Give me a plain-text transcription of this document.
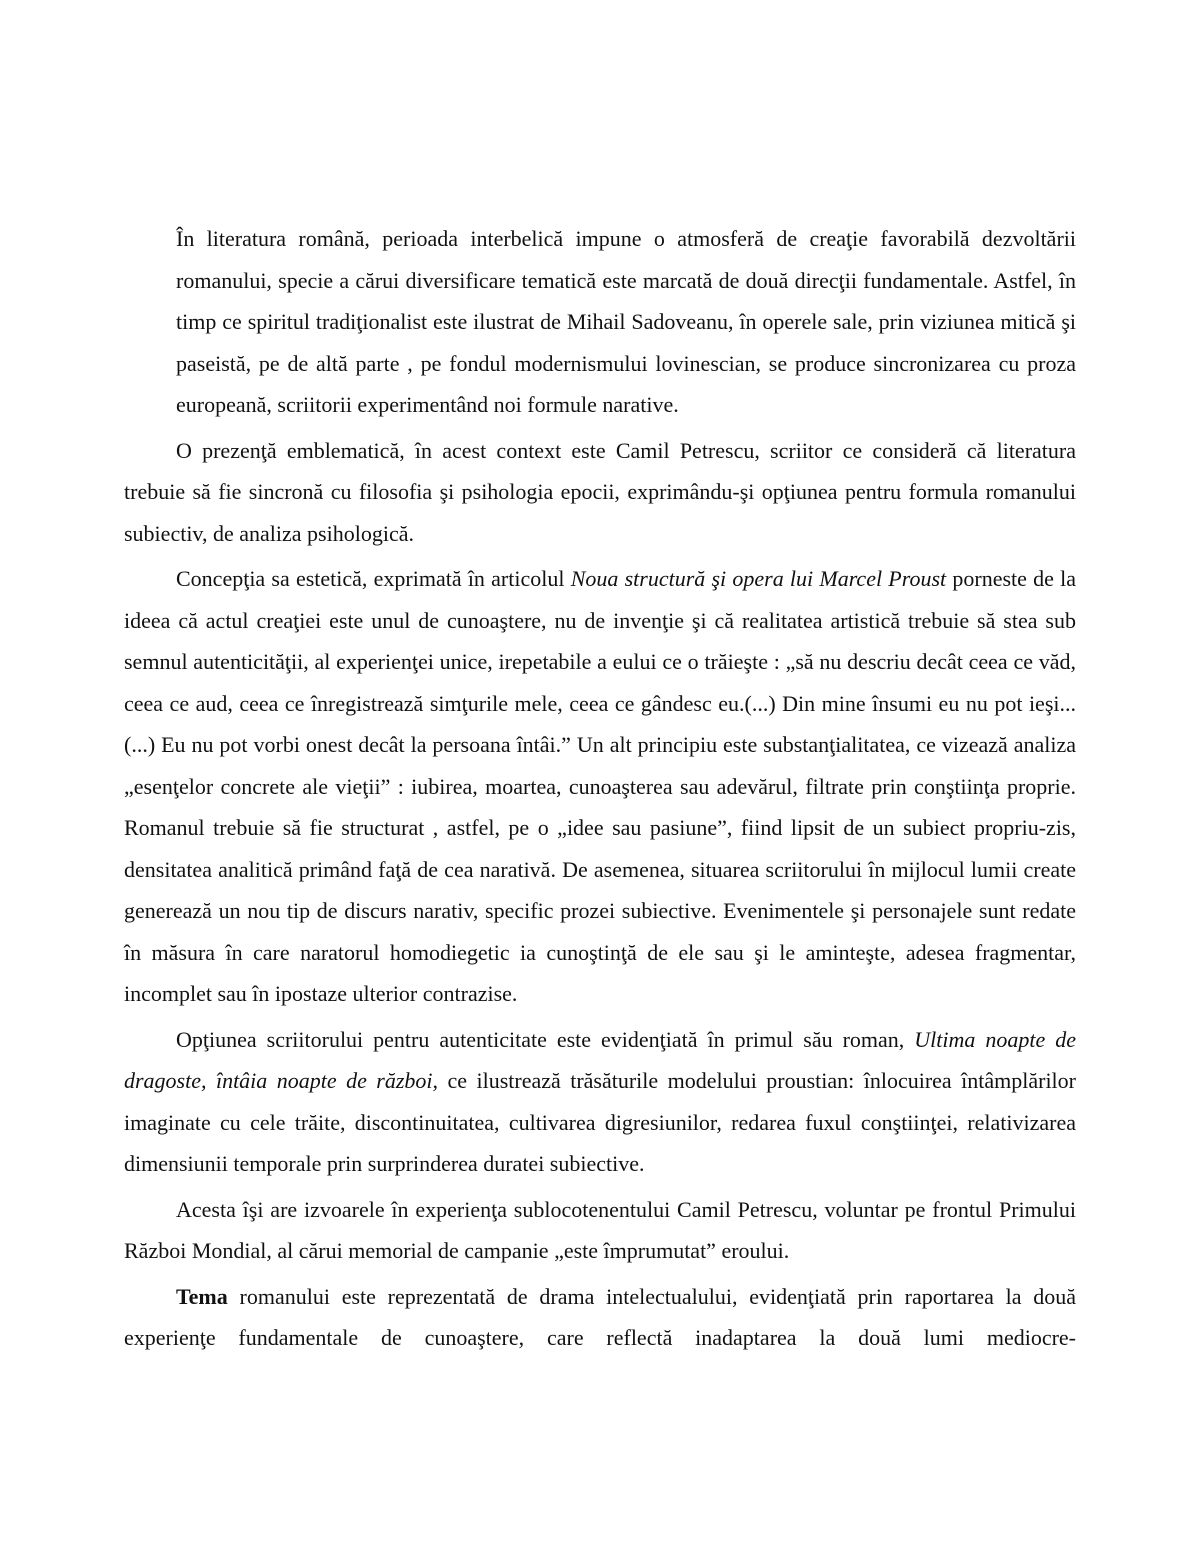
În literatura română, perioada interbelică impune o atmosferă de creaţie favorabilă dezvoltării romanului, specie a cărui diversificare tematică este marcată de două direcţii fundamentale. Astfel, în timp ce spiritul tradiţionalist este ilustrat de Mihail Sadoveanu, în operele sale, prin viziunea mitică şi paseistă, pe de altă parte , pe fondul modernismului lovinescian, se produce sincronizarea cu proza europeană, scriitorii experimentând noi formule narative.

O prezenţă emblematică, în acest context este Camil Petrescu, scriitor ce consideră că literatura trebuie să fie sincronă cu filosofia şi psihologia epocii, exprimându-şi opţiunea pentru formula romanului subiectiv, de analiza psihologică.

Concepţia sa estetică, exprimată în articolul Noua structură şi opera lui Marcel Proust porneste de la ideea că actul creaţiei este unul de cunoaştere, nu de invenţie şi că realitatea artistică trebuie să stea sub semnul autenticităţii, al experienţei unice, irepetabile a eului ce o trăieşte : „să nu descriu decât ceea ce văd, ceea ce aud, ceea ce înregistrează simţurile mele, ceea ce gândesc eu.(...) Din mine însumi eu nu pot ieşi...(...) Eu nu pot vorbi onest decât la persoana întâi.” Un alt principiu este substanţialitatea, ce vizează analiza „esenţelor concrete ale vieţii” : iubirea, moartea, cunoaşterea sau adevărul, filtrate prin conştiinţa proprie. Romanul trebuie să fie structurat , astfel, pe o „idee sau pasiune”, fiind lipsit de un subiect propriu-zis, densitatea analitică primând faţă de cea narativă. De asemenea, situarea scriitorului în mijlocul lumii create generează un nou tip de discurs narativ, specific prozei subiective. Evenimentele şi personajele sunt redate în măsura în care naratorul homodiegetic ia cunoştinţă de ele sau şi le aminteşte, adesea fragmentar, incomplet sau în ipostaze ulterior contrazise.

Opţiunea scriitorului pentru autenticitate este evidenţiată în primul său roman, Ultima noapte de dragoste, întâia noapte de război, ce ilustrează trăsăturile modelului proustian: înlocuirea întâmplărilor imaginate cu cele trăite, discontinuitatea, cultivarea digresiunilor, redarea fuxul conştiinţei, relativizarea dimensiunii temporale prin surprinderea duratei subiective.

Acesta îşi are izvoarele în experienţa sublocotenentului Camil Petrescu, voluntar pe frontul Primului Război Mondial, al cărui memorial de campanie „este împrumutat” eroului.

Tema romanului este reprezentată de drama intelectualului, evidenţiată prin raportarea la două experienţe fundamentale de cunoaştere, care reflectă inadaptarea la două lumi mediocre-
